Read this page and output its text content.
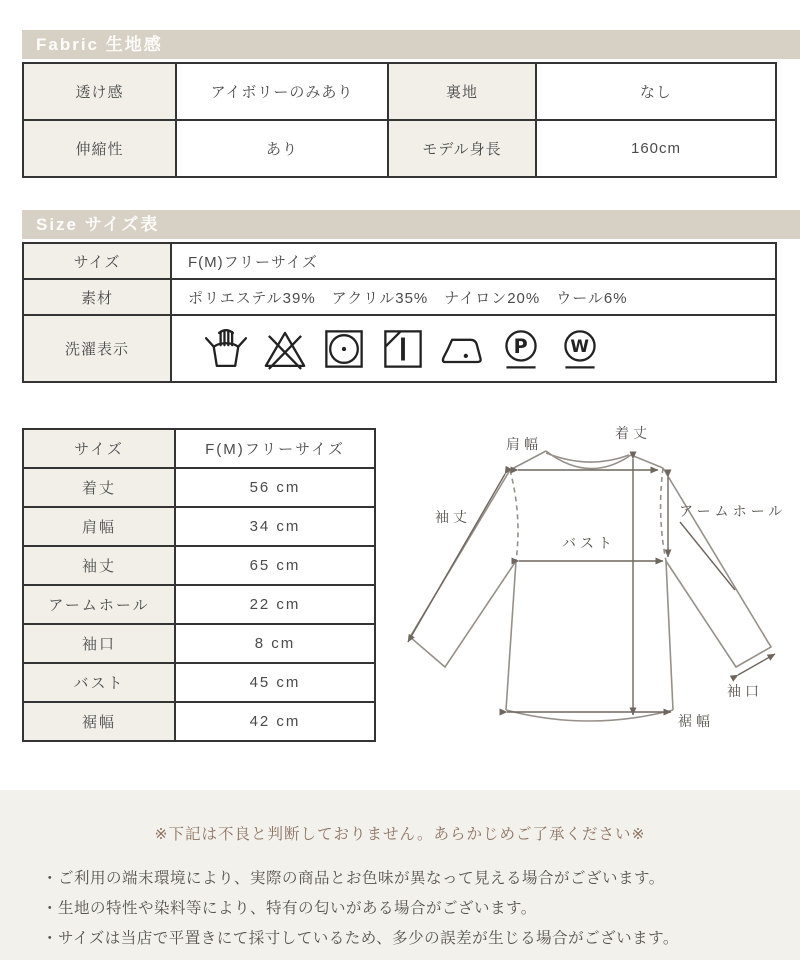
Fabric 生地感
透け感	アイボリーのみあり	裏地	なし
伸縮性	あり	モデル身長	160cm
Size サイズ表
サイズ	F(M)フリーサイズ
素材	ポリエステル39%　アクリル35%　ナイロン20%　ウール6%
洗濯表示	P W
サイズ	F(M)フリーサイズ
着丈	56 cm
肩幅	34 cm
袖丈	65 cm
アームホール	22 cm
袖口	8 cm
バスト	45 cm
裾幅	42 cm
着丈
肩幅
袖丈	アームホール
バスト
袖口
裾幅
※下記は不良と判断しておりません。あらかじめご了承ください※
・ご利用の端末環境により、実際の商品とお色味が異なって見える場合がございます。
・生地の特性や染料等により、特有の匂いがある場合がございます。
・サイズは当店で平置きにて採寸しているため、多少の誤差が生じる場合がございます。
